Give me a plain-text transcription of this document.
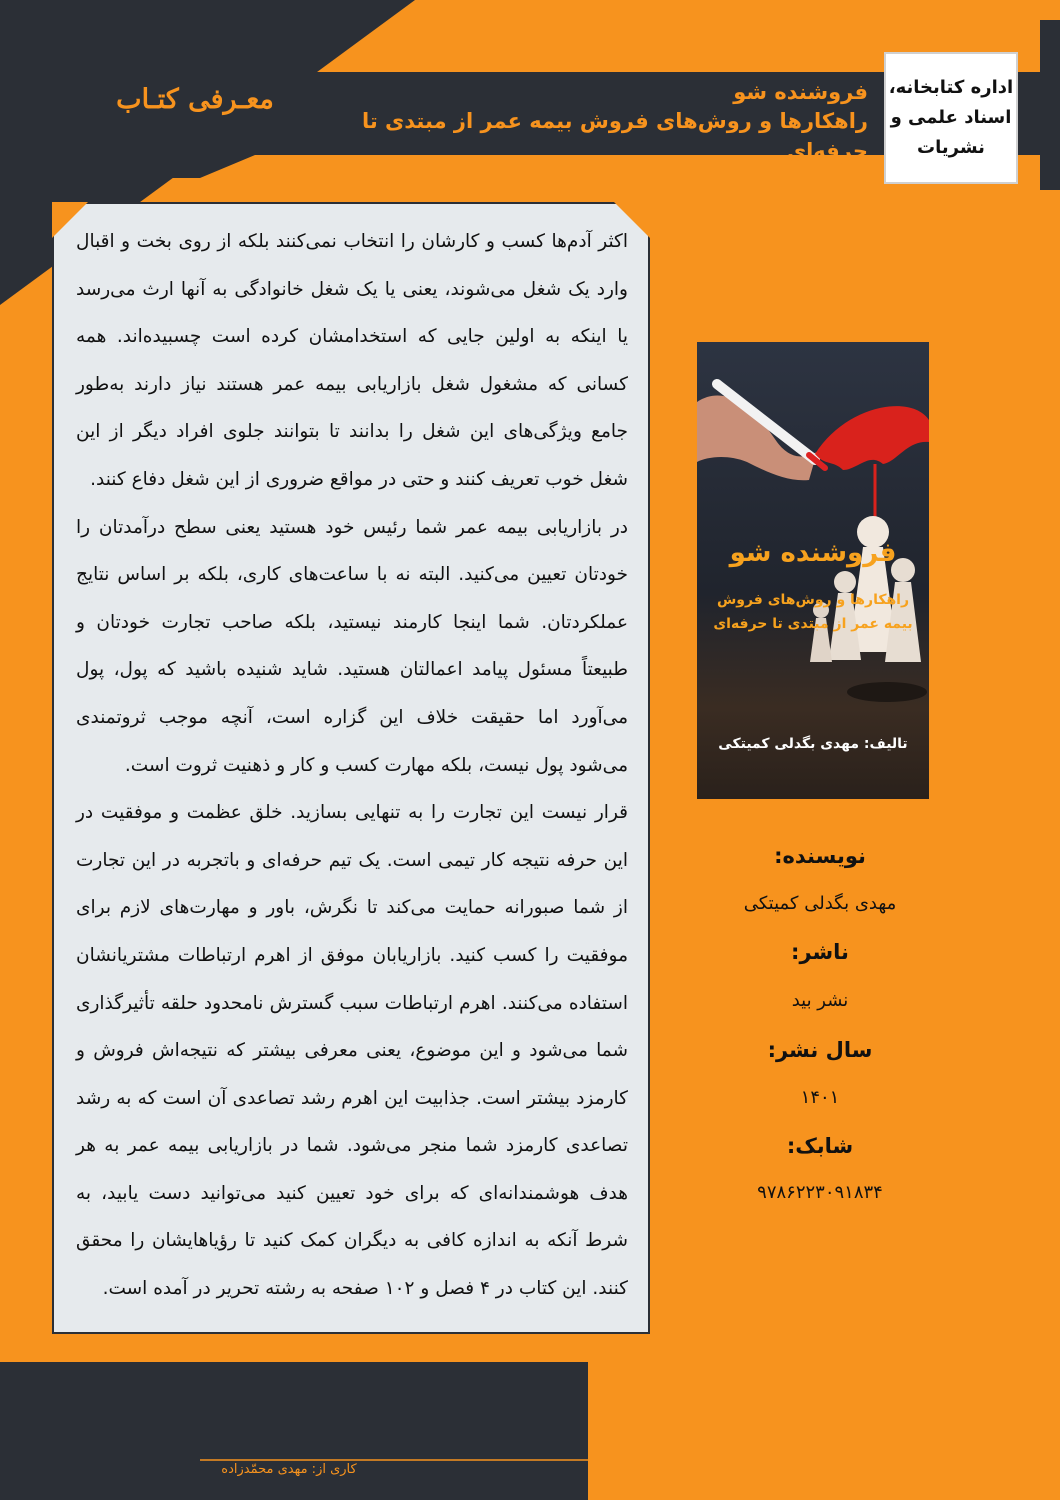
معـرفی کتـاب	فروشنده شو
راهکارها و روش‌های فروش بیمه عمر از مبتدی تا حرفه‌ای
اداره کتابخانه، اسناد علمی و نشریات

اکثر آدم‌ها کسب و کارشان را انتخاب نمی‌کنند بلکه از روی بخت و اقبال وارد یک شغل می‌شوند، یعنی یا یک شغل خانوادگی به آنها ارث می‌رسد یا اینکه به اولین جایی که استخدامشان کرده است چسبیده‌اند. همه کسانی که مشغول شغل بازاریابی بیمه عمر هستند نیاز دارند به‌طور جامع ویژگی‌های این شغل را بدانند تا بتوانند جلوی افراد دیگر از این شغل خوب تعریف کنند و حتی در مواقع ضروری از این شغل دفاع کنند.

در بازاریابی بیمه عمر شما رئیس خود هستید یعنی سطح درآمدتان را خودتان تعیین می‌کنید. البته نه با ساعت‌های کاری، بلکه بر اساس نتایج عملکردتان. شما اینجا کارمند نیستید، بلکه صاحب تجارت خودتان و طبیعتاً مسئول پیامد اعمالتان هستید. شاید شنیده باشید که پول، پول می‌آورد اما حقیقت خلاف این گزاره است، آنچه موجب ثروتمندی می‌شود پول نیست، بلکه مهارت کسب و کار و ذهنیت ثروت است.

قرار نیست این تجارت را به تنهایی بسازید. خلق عظمت و موفقیت در این حرفه نتیجه کار تیمی است. یک تیم حرفه‌ای و باتجربه در این تجارت از شما صبورانه حمایت می‌کند تا نگرش، باور و مهارت‌های لازم برای موفقیت را کسب کنید. بازاریابان موفق از اهرم ارتباطات مشتریانشان استفاده می‌کنند. اهرم ارتباطات سبب گسترش نامحدود حلقه تأثیرگذاری شما می‌شود و این موضوع، یعنی معرفی بیشتر که نتیجه‌اش فروش و کارمزد بیشتر است. جذابیت این اهرم رشد تصاعدی آن است که به رشد تصاعدی کارمزد شما منجر می‌شود. شما در بازاریابی بیمه عمر به هر هدف هوشمندانه‌ای که برای خود تعیین کنید می‌توانید دست یابید، به شرط آنکه به اندازه کافی به دیگران کمک کنید تا رؤیاهایشان را محقق کنند. این کتاب در ۴ فصل و ۱۰۲ صفحه به رشته تحریر در آمده است.

فروشنده شو
راهکارها و روش‌های فروش
بیمه عمر از مبتدی تا حرفه‌ای
تالیف: مهدی بگدلی کمیتکی
نویسنده:
مهدی بگدلی کمیتکی
ناشر:
نشر بید
سال نشر:
۱۴۰۱
شابک:
۹۷۸۶۲۲۳۰۹۱۸۳۴
کاری از: مهدی محمّدزاده
